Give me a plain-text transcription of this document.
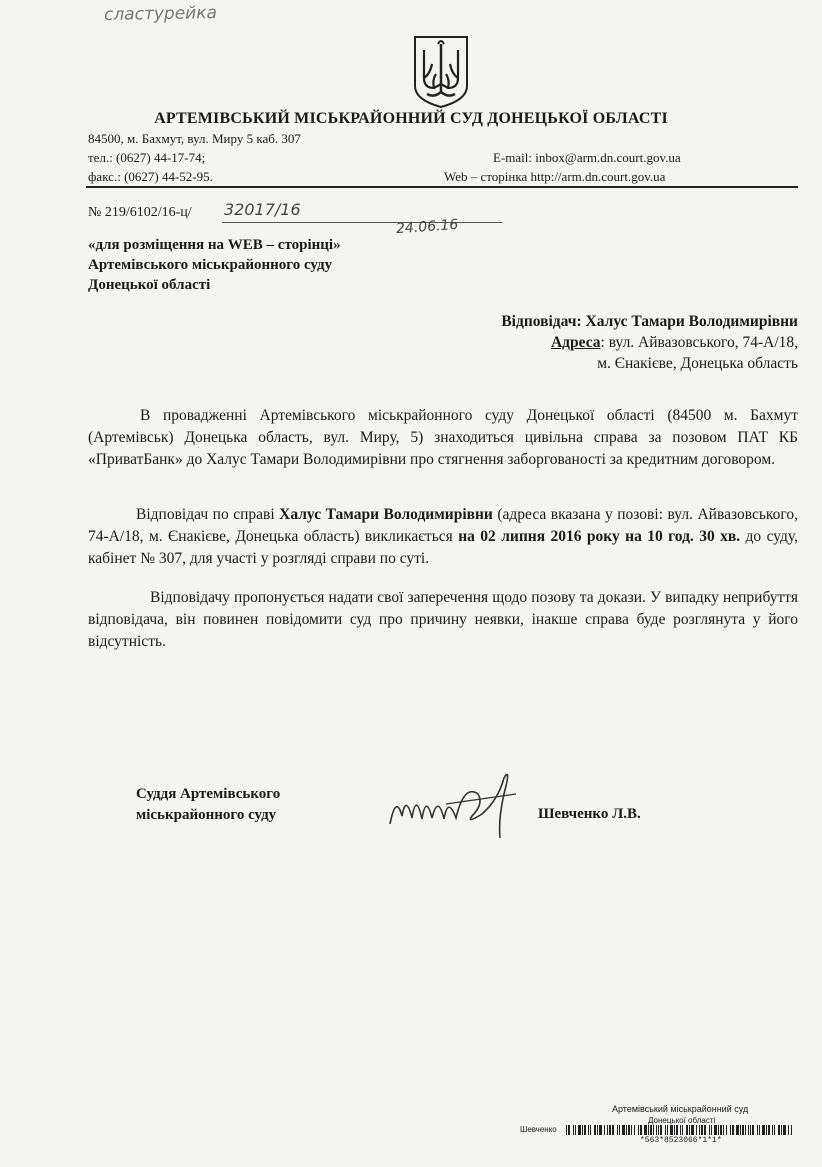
сластурейка
АРТЕМІВСЬКИЙ МІСЬКРАЙОННИЙ СУД ДОНЕЦЬКОЇ ОБЛАСТІ
84500, м. Бахмут, вул. Миру 5 каб. 307
тел.: (0627) 44-17-74;
факс.: (0627) 44-52-95.
E-mail: inbox@arm.dn.court.gov.ua
Web – сторінка http://arm.dn.court.gov.ua
№ 219/6102/16-ц/ 32017/16
24.06.16
«для розміщення на WEB – сторінці»
Артемівського міськрайонного суду
Донецької області
Відповідач: Халус Тамари Володимирівни
Адреса: вул. Айвазовського, 74-А/18,
м. Єнакієве, Донецька область
В провадженні Артемівського міськрайонного суду Донецької області (84500 м. Бахмут (Артемівськ) Донецька область, вул. Миру, 5) знаходиться цивільна справа за позовом ПАТ КБ «ПриватБанк» до Халус Тамари Володимирівни про стягнення заборгованості за кредитним договором.
Відповідач по справі Халус Тамари Володимирівни (адреса вказана у позові: вул. Айвазовського, 74-А/18, м. Єнакієве, Донецька область) викликається на 02 липня 2016 року на 10 год. 30 хв. до суду, кабінет № 307, для участі у розгляді справи по суті.
Відповідачу пропонується надати свої заперечення щодо позову та докази. У випадку неприбуття відповідача, він повинен повідомити суд про причину неявки, інакше справа буде розглянута у його відсутність.
Суддя Артемівського
міськрайонного суду	Шевченко Л.В.
Артемівський міськрайонний суд
Донецької області
Шевченко
*563*8523066*1*1*
